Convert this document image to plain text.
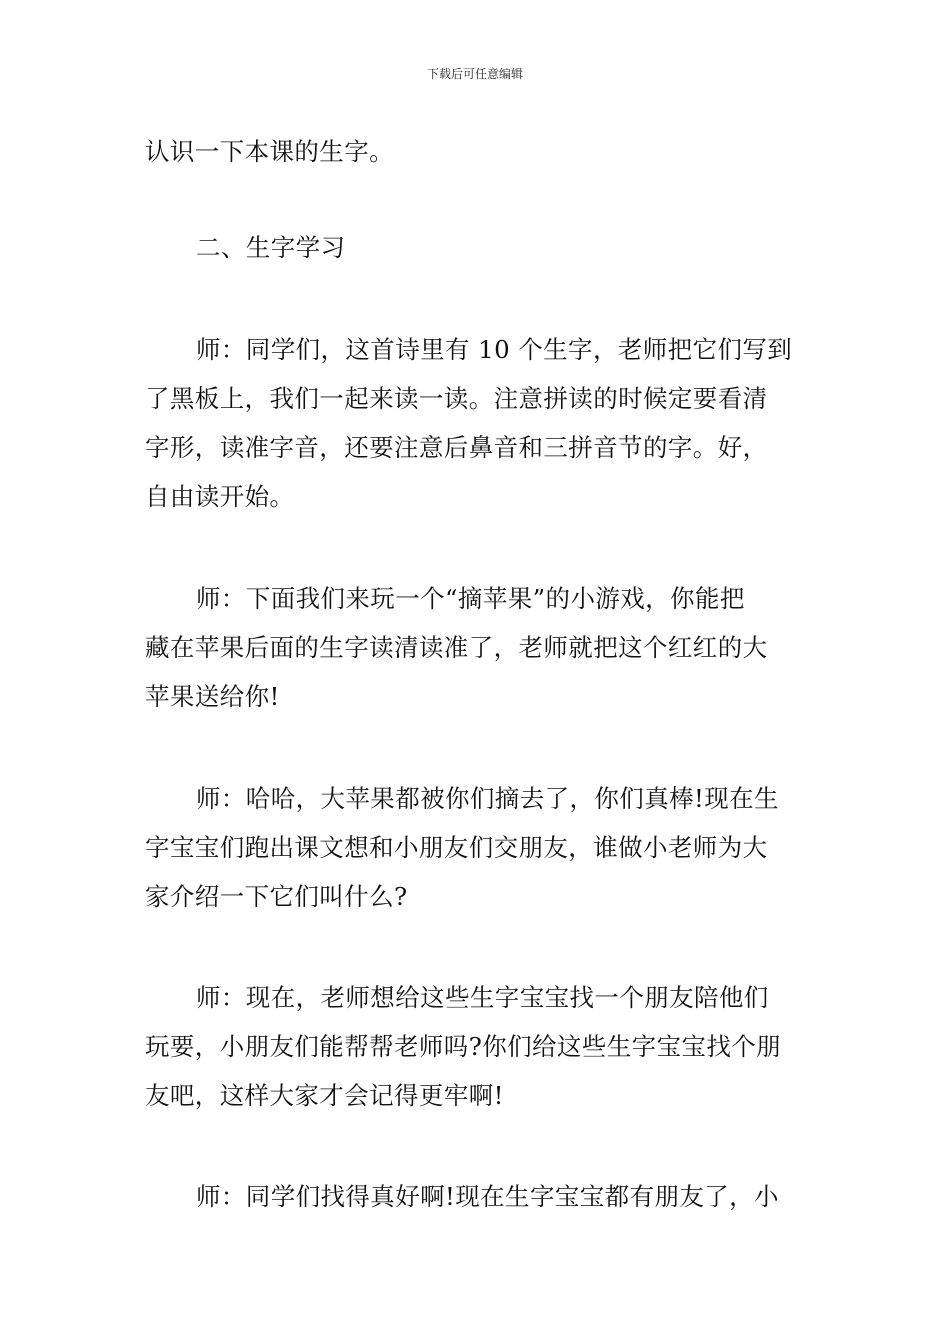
下载后可任意编辑
认识一下本课的生字。
二、生字学习
师：同学们，这首诗里有 10 个生字，老师把它们写到
了黑板上，我们一起来读一读。注意拼读的时候定要看清
字形，读准字音，还要注意后鼻音和三拼音节的字。好，
自由读开始。
师：下面我们来玩一个“摘苹果”的小游戏，你能把
藏在苹果后面的生字读清读准了，老师就把这个红红的大
苹果送给你!
师：哈哈，大苹果都被你们摘去了，你们真棒!现在生
字宝宝们跑出课文想和小朋友们交朋友，谁做小老师为大
家介绍一下它们叫什么?
师：现在，老师想给这些生字宝宝找一个朋友陪他们
玩要，小朋友们能帮帮老师吗?你们给这些生字宝宝找个朋
友吧，这样大家才会记得更牢啊!
师：同学们找得真好啊!现在生字宝宝都有朋友了，小
